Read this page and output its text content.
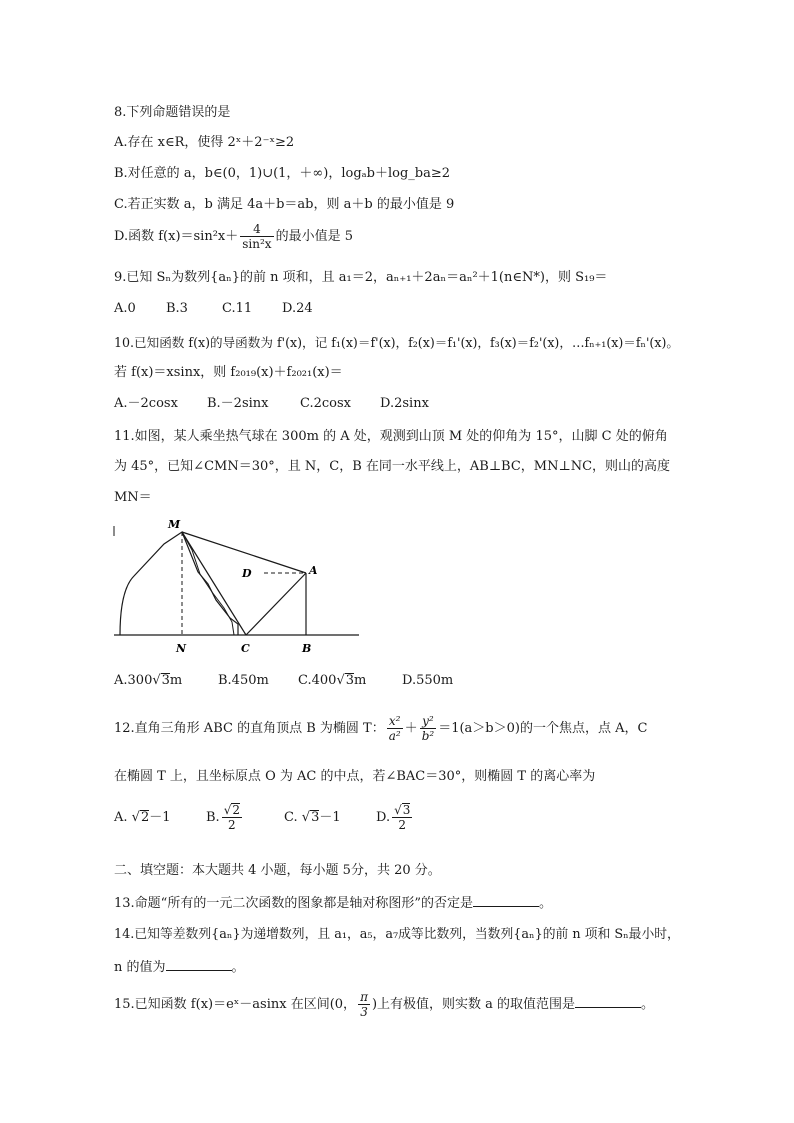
8.下列命题错误的是
A.存在 x∈R，使得 2ˣ＋2⁻ˣ≥2
B.对任意的 a，b∈(0，1)∪(1，＋∞)，logₐb＋log_ba≥2
C.若正实数 a，b 满足 4a＋b＝ab，则 a＋b 的最小值是 9
D.函数 $f(x)=\sin^2x+ \frac{4}{\text{sin²x}}$ 的最小值是 5
9.已知 Sₙ为数列{aₙ}的前 n 项和，且 a₁＝2，aₙ₊₁＋2aₙ＝aₙ²＋1(n∈N*)，则 S₁₉＝
A.0 B.3	C.11 D.24
10.已知函数 f(x)的导函数为 f'(x)，记 f₁(x)＝f'(x)，f₂(x)＝f₁'(x)，f₃(x)＝f₂'(x)，…fₙ₊₁(x)＝fₙ'(x)。
若 f(x)＝xsinx，则 f₂₀₁₉(x)＋f₂₀₂₁(x)＝
A.－2cosx B.－2sinx C.2cosx D.2sinx
11.如图，某人乘坐热气球在 300m 的 A 处，观测到山顶 M 处的仰角为 15°，山脚 C 处的俯角
为 45°，已知∠CMN＝30°，且 N，C，B 在同一水平线上，AB⊥BC，MN⊥NC，则山的高度
MN＝
M
D	A
N	C	B
A.300√3m	B.450m C.400√3m	D.550m
12.直角三角形 ABC 的直角顶点 B 为椭圆 T： $\frac{\text{x²}}{\text{a²}} + \frac{\text{y²}}{\text{b²}} =1(a>b>0)$的一个焦点，点 A，C
在椭圆 T 上，且坐标原点 O 为 AC 的中点，若∠BAC＝30°，则椭圆 T 的离心率为
A. √2－1	B. $\frac{√2}{2}$	C. √3－1	D. $\frac{√3}{2}$
二、填空题：本大题共 4 小题，每小题 5分，共 20 分。
13.命题“所有的一元二次函数的图象都是轴对称图形”的否定是	。
14.已知等差数列{aₙ}为递增数列，且 a₁，a₅，a₇成等比数列，当数列{aₙ}的前 n 项和 Sₙ最小时，
n 的值为	。
15.已知函数 f(x)＝eˣ－asinx 在区间(0， $\frac{\pi}{3}$ )上有极值，则实数 a 的取值范围是	。
